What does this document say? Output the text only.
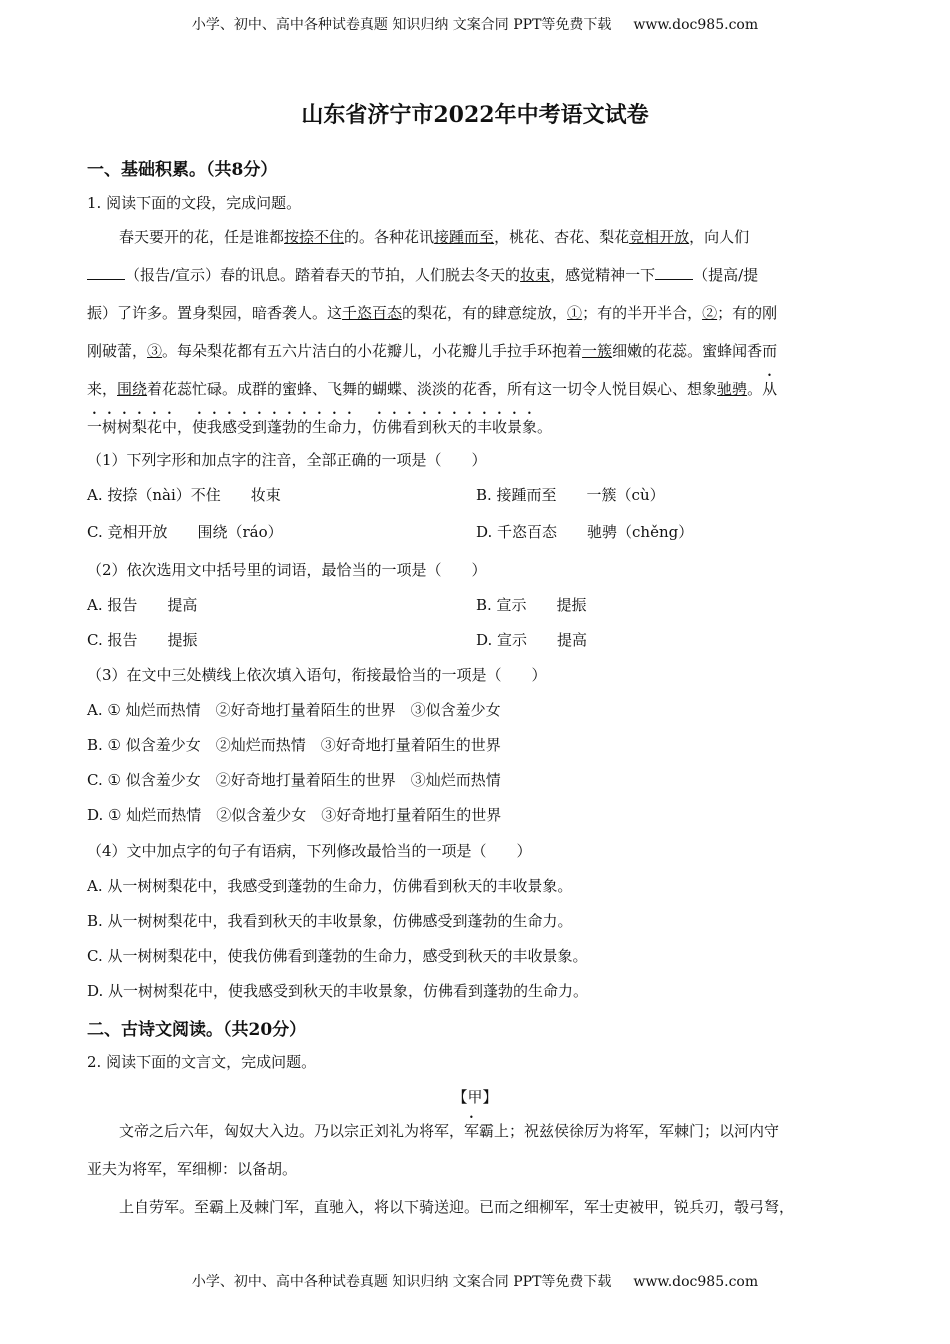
小学、初中、高中各种试卷真题 知识归纳 文案合同 PPT等免费下载 www.doc985.com
山东省济宁市2022年中考语文试卷
一、基础积累。（共8分）
1. 阅读下面的文段，完成问题。
春天要开的花，任是谁都按捺不住的。各种花讯接踵而至，桃花、杏花、梨花竞相开放，向人们
（报告/宣示）春的讯息。踏着春天的节拍，人们脱去冬天的妆束，感觉精神一下	（提高/提
振）了许多。置身梨园，暗香袭人。这千恣百态的梨花，有的肆意绽放，①；有的半开半合，②；有的刚
刚破蕾，③。每朵梨花都有五六片洁白的小花瓣儿，小花瓣儿手拉手环抱着一簇细嫩的花蕊。蜜蜂闻香而
来，围绕着花蕊忙碌。成群的蜜蜂、飞舞的蝴蝶、淡淡的花香，所有这一切令人悦目娱心、想象驰骋。从
一树树梨花中，使我感受到蓬勃的生命力，仿佛看到秋天的丰收景象。
（1）下列字形和加点字的注音，全部正确的一项是（　　）
A. 按捺（nài）不住　　妆束	B. 接踵而至　　一簇（cù）
C. 竞相开放　　围绕（ráo）	D. 千恣百态　　驰骋（chěng）
（2）依次选用文中括号里的词语，最恰当的一项是（　　）
A. 报告　　提高	B. 宣示　　提振
C. 报告　　提振	D. 宣示　　提高
（3）在文中三处横线上依次填入语句，衔接最恰当的一项是（　　）
A. ① 灿烂而热情　②好奇地打量着陌生的世界　③似含羞少女
B. ① 似含羞少女　②灿烂而热情　③好奇地打量着陌生的世界
C. ① 似含羞少女　②好奇地打量着陌生的世界　③灿烂而热情
D. ① 灿烂而热情　②似含羞少女　③好奇地打量着陌生的世界
（4）文中加点字的句子有语病，下列修改最恰当的一项是（　　）
A. 从一树树梨花中，我感受到蓬勃的生命力，仿佛看到秋天的丰收景象。
B. 从一树树梨花中，我看到秋天的丰收景象，仿佛感受到蓬勃的生命力。
C. 从一树树梨花中，使我仿佛看到蓬勃的生命力，感受到秋天的丰收景象。
D. 从一树树梨花中，使我感受到秋天的丰收景象，仿佛看到蓬勃的生命力。
二、古诗文阅读。（共20分）
2. 阅读下面的文言文，完成问题。
【甲】
文帝之后六年，匈奴大入边。乃以宗正刘礼为将军，军霸上；祝兹侯徐厉为将军，军棘门；以河内守
亚夫为将军，军细柳：以备胡。
上自劳军。至霸上及棘门军，直驰入，将以下骑送迎。已而之细柳军，军士吏被甲，锐兵刃，彀弓弩，
小学、初中、高中各种试卷真题 知识归纳 文案合同 PPT等免费下载 www.doc985.com
